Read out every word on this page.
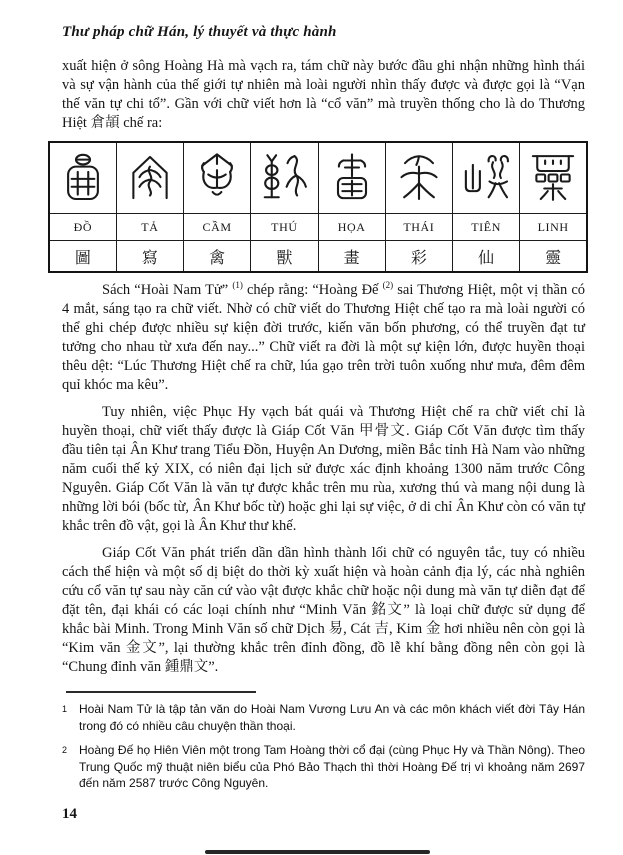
Thư pháp chữ Hán, lý thuyết và thực hành

xuất hiện ở sông Hoàng Hà mà vạch ra, tám chữ này bước đầu ghi nhận những hình thái và sự vận hành của thế giới tự nhiên mà loài người nhìn thấy được và được gọi là “Vạn thế văn tự chi tổ”. Gần với chữ viết hơn là “cổ văn” mà truyền thống cho là do Thương Hiệt 倉頡 chế ra:

ĐỒ	TẢ	CẦM	THÚ	HỌA	THÁI	TIÊN	LINH
圖	寫	禽	獸	畫	彩	仙	靈

Sách “Hoài Nam Tử” $^{(1)}$ chép rằng: “Hoàng Đế $^{(2)}$ sai Thương Hiệt, một vị thần có 4 mắt, sáng tạo ra chữ viết. Nhờ có chữ viết do Thương Hiệt chế tạo ra mà loài người có thể ghi chép được nhiều sự kiện đời trước, kiến văn bốn phương, có thể truyền đạt tư tưởng cho nhau từ xưa đến nay...” Chữ viết ra đời là một sự kiện lớn, được huyền thoại thêu dệt: “Lúc Thương Hiệt chế ra chữ, lúa gạo trên trời tuôn xuống như mưa, đêm đêm quỉ khóc ma kêu”.

Tuy nhiên, việc Phục Hy vạch bát quái và Thương Hiệt chế ra chữ viết chỉ là huyền thoại, chữ viết thấy được là Giáp Cốt Văn 甲骨文. Giáp Cốt Văn được tìm thấy đầu tiên tại Ân Khư trang Tiểu Đồn, Huyện An Dương, miền Bắc tỉnh Hà Nam vào những năm cuối thế kỷ XIX, có niên đại lịch sử được xác định khoảng 1300 năm trước Công Nguyên. Giáp Cốt Văn là văn tự được khắc trên mu rùa, xương thú và mang nội dung là những lời bói (bốc từ, Ân Khư bốc từ) hoặc ghi lại sự việc, ở di chỉ Ân Khư còn có văn tự khắc trên đồ vật, gọi là Ân Khư thư khế.

Giáp Cốt Văn phát triển dần dần hình thành lối chữ có nguyên tắc, tuy có nhiều cách thể hiện và một số dị biệt do thời kỳ xuất hiện và hoàn cảnh địa lý, các nhà nghiên cứu cổ văn tự sau này căn cứ vào vật được khắc chữ hoặc nội dung mà văn tự diễn đạt để đặt tên, đại khái có các loại chính như “Minh Văn 銘文” là loại chữ được sử dụng để khắc bài Minh. Trong Minh Văn số chữ Dịch 易, Cát 吉, Kim 金 hơi nhiều nên còn gọi là “Kim văn 金文”, lại thường khắc trên đỉnh đồng, đồ lễ khí bằng đồng nên còn gọi là “Chung đỉnh văn 鍾鼎文”.

1 Hoài Nam Tử là tập tản văn do Hoài Nam Vương Lưu An và các môn khách viết đời Tây Hán trong đó có nhiều câu chuyện thần thoại.
2 Hoàng Đế họ Hiên Viên một trong Tam Hoàng thời cổ đại (cùng Phục Hy và Thần Nông). Theo Trung Quốc mỹ thuật niên biểu của Phó Bảo Thạch thì thời Hoàng Đế trị vì khoảng năm 2697 đến năm 2587 trước Công Nguyên.
14
